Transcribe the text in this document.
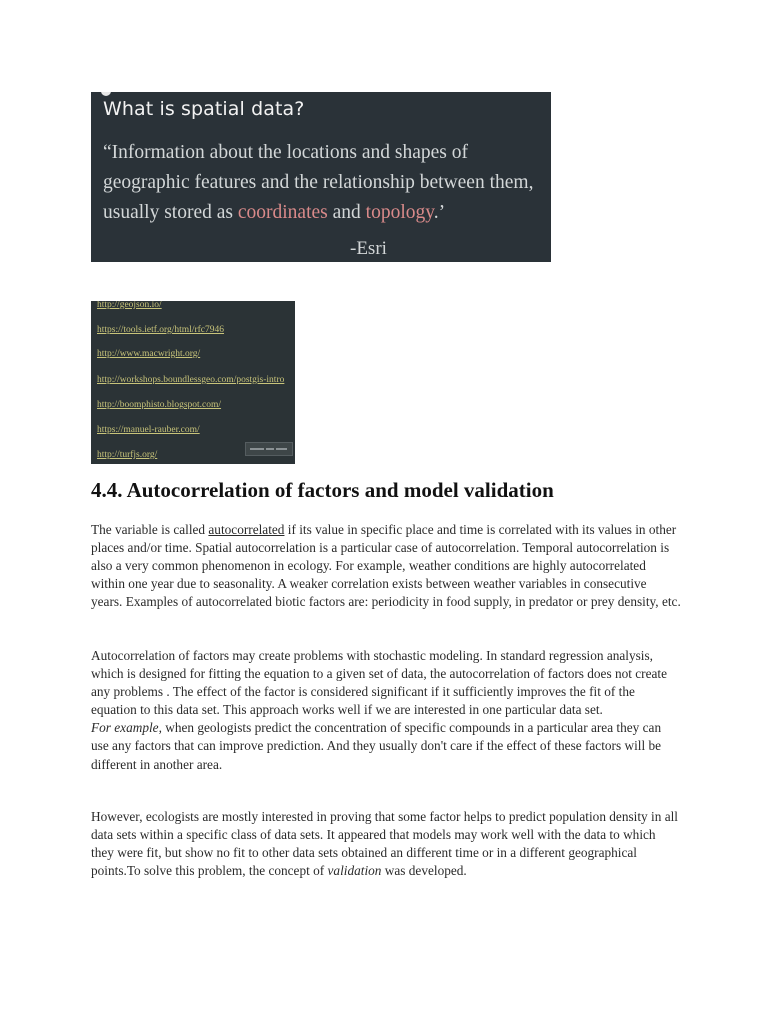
What is spatial data?
“Information about the locations and shapes of geographic features and the relationship between them, usually stored as coordinates and topology.’
-Esri
http://geojson.io/
https://tools.ietf.org/html/rfc7946
http://www.macwright.org/
http://workshops.boundlessgeo.com/postgis-intro
http://boomphisto.blogspot.com/
https://manuel-rauber.com/
http://turfjs.org/
4.4. Autocorrelation of factors and model validation

The variable is called autocorrelated if its value in specific place and time is correlated with its values in other places and/or time. Spatial autocorrelation is a particular case of autocorrelation. Temporal autocorrelation is also a very common phenomenon in ecology. For example, weather conditions are highly autocorrelated within one year due to seasonality. A weaker correlation exists between weather variables in consecutive years. Examples of autocorrelated biotic factors are: periodicity in food supply, in predator or prey density, etc.

Autocorrelation of factors may create problems with stochastic modeling. In standard regression analysis, which is designed for fitting the equation to a given set of data, the autocorrelation of factors does not create any problems . The effect of the factor is considered significant if it sufficiently improves the fit of the equation to this data set. This approach works well if we are interested in one particular data set.
For example, when geologists predict the concentration of specific compounds in a particular area they can use any factors that can improve prediction. And they usually don't care if the effect of these factors will be different in another area.

However, ecologists are mostly interested in proving that some factor helps to predict population density in all data sets within a specific class of data sets. It appeared that models may work well with the data to which they were fit, but show no fit to other data sets obtained an different time or in a different geographical points.To solve this problem, the concept of validation was developed.
